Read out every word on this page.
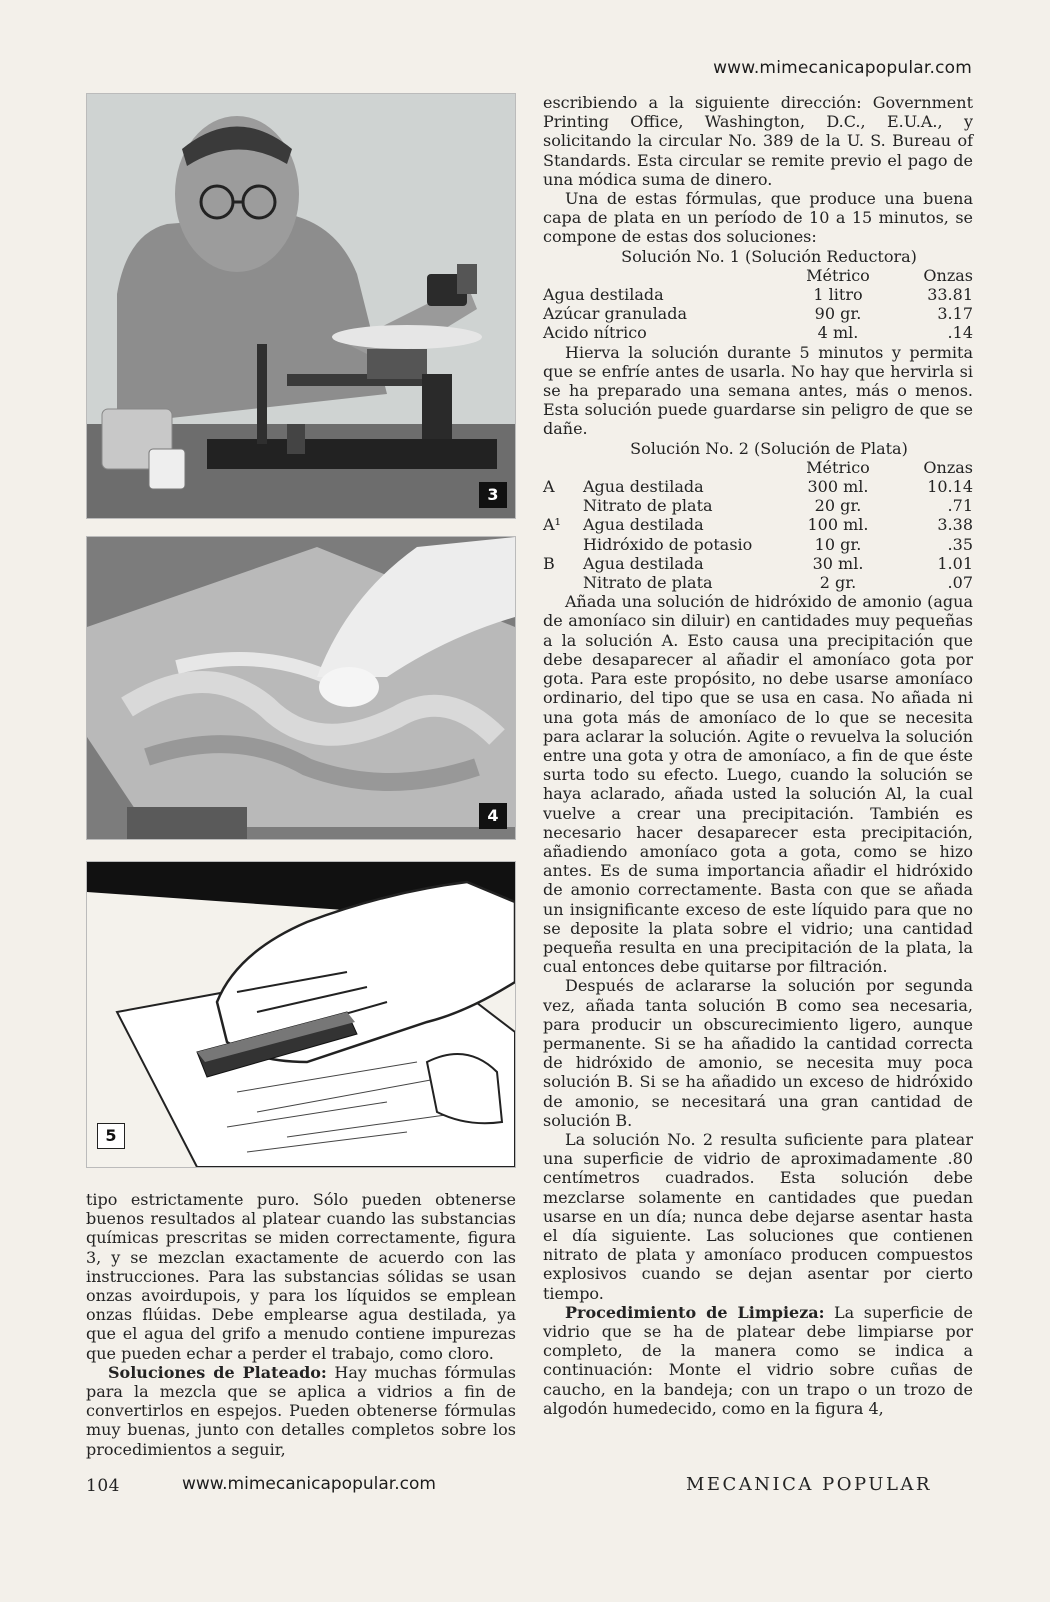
www.mimecanicapopular.com
3
4
5

escribiendo a la siguiente dirección: Government Printing Office, Washington, D.C., E.U.A., y solicitando la circular No. 389 de la U. S. Bureau of Standards. Esta circular se remite previo el pago de una módica suma de dinero.

Una de estas fórmulas, que produce una buena capa de plata en un período de 10 a 15 minutos, se compone de estas dos soluciones:

Solución No. 1 (Solución Reductora)

	Métrico	Onzas
Agua destilada	1 litro	33.81
Azúcar granulada	90 gr.	3.17
Acido nítrico	4 ml.	.14

Hierva la solución durante 5 minutos y permita que se enfríe antes de usarla. No hay que hervirla si se ha preparado una semana antes, más o menos. Esta solución puede guardarse sin peligro de que se dañe.

Solución No. 2 (Solución de Plata)

		Métrico	Onzas
A	Agua destilada	300 ml.	10.14
	Nitrato de plata	20 gr.	.71
A¹	Agua destilada	100 ml.	3.38
	Hidróxido de potasio	10 gr.	.35
B	Agua destilada	30 ml.	1.01
	Nitrato de plata	2 gr.	.07

Añada una solución de hidróxido de amonio (agua de amoníaco sin diluir) en cantidades muy pequeñas a la solución A. Esto causa una precipitación que debe desaparecer al añadir el amoníaco gota por gota. Para este propósito, no debe usarse amoníaco ordinario, del tipo que se usa en casa. No añada ni una gota más de amoníaco de lo que se necesita para aclarar la solución. Agite o revuelva la solución entre una gota y otra de amoníaco, a fin de que éste surta todo su efecto. Luego, cuando la solución se haya aclarado, añada usted la solución Al, la cual vuelve a crear una precipitación. También es necesario hacer desaparecer esta precipitación, añadiendo amoníaco gota a gota, como se hizo antes. Es de suma importancia añadir el hidróxido de amonio correctamente. Basta con que se añada un insignificante exceso de este líquido para que no se deposite la plata sobre el vidrio; una cantidad pequeña resulta en una precipitación de la plata, la cual entonces debe quitarse por filtración.

Después de aclararse la solución por segunda vez, añada tanta solución B como sea necesaria, para producir un obscurecimiento ligero, aunque permanente. Si se ha añadido la cantidad correcta de hidróxido de amonio, se necesita muy poca solución B. Si se ha añadido un exceso de hidróxido de amonio, se necesitará una gran cantidad de solución B.

La solución No. 2 resulta suficiente para platear una superficie de vidrio de aproximadamente .80 centímetros cuadrados. Esta solución debe mezclarse solamente en cantidades que puedan usarse en un día; nunca debe dejarse asentar hasta el día siguiente. Las soluciones que contienen nitrato de plata y amoníaco producen compuestos explosivos cuando se dejan asentar por cierto tiempo.

Procedimiento de Limpieza: La superficie de vidrio que se ha de platear debe limpiarse por completo, de la manera como se indica a continuación: Monte el vidrio sobre cuñas de caucho, en la bandeja; con un trapo o un trozo de algodón humedecido, como en la figura 4,

tipo estrictamente puro. Sólo pueden obtenerse buenos resultados al platear cuando las substancias químicas prescritas se miden correctamente, figura 3, y se mezclan exactamente de acuerdo con las instrucciones. Para las substancias sólidas se usan onzas avoirdupois, y para los líquidos se emplean onzas flúidas. Debe emplearse agua destilada, ya que el agua del grifo a menudo contiene impurezas que pueden echar a perder el trabajo, como cloro.

Soluciones de Plateado: Hay muchas fórmulas para la mezcla que se aplica a vidrios a fin de convertirlos en espejos. Pueden obtenerse fórmulas muy buenas, junto con detalles completos sobre los procedimientos a seguir,

104	www.mimecanicapopular.com	MECANICA POPULAR
